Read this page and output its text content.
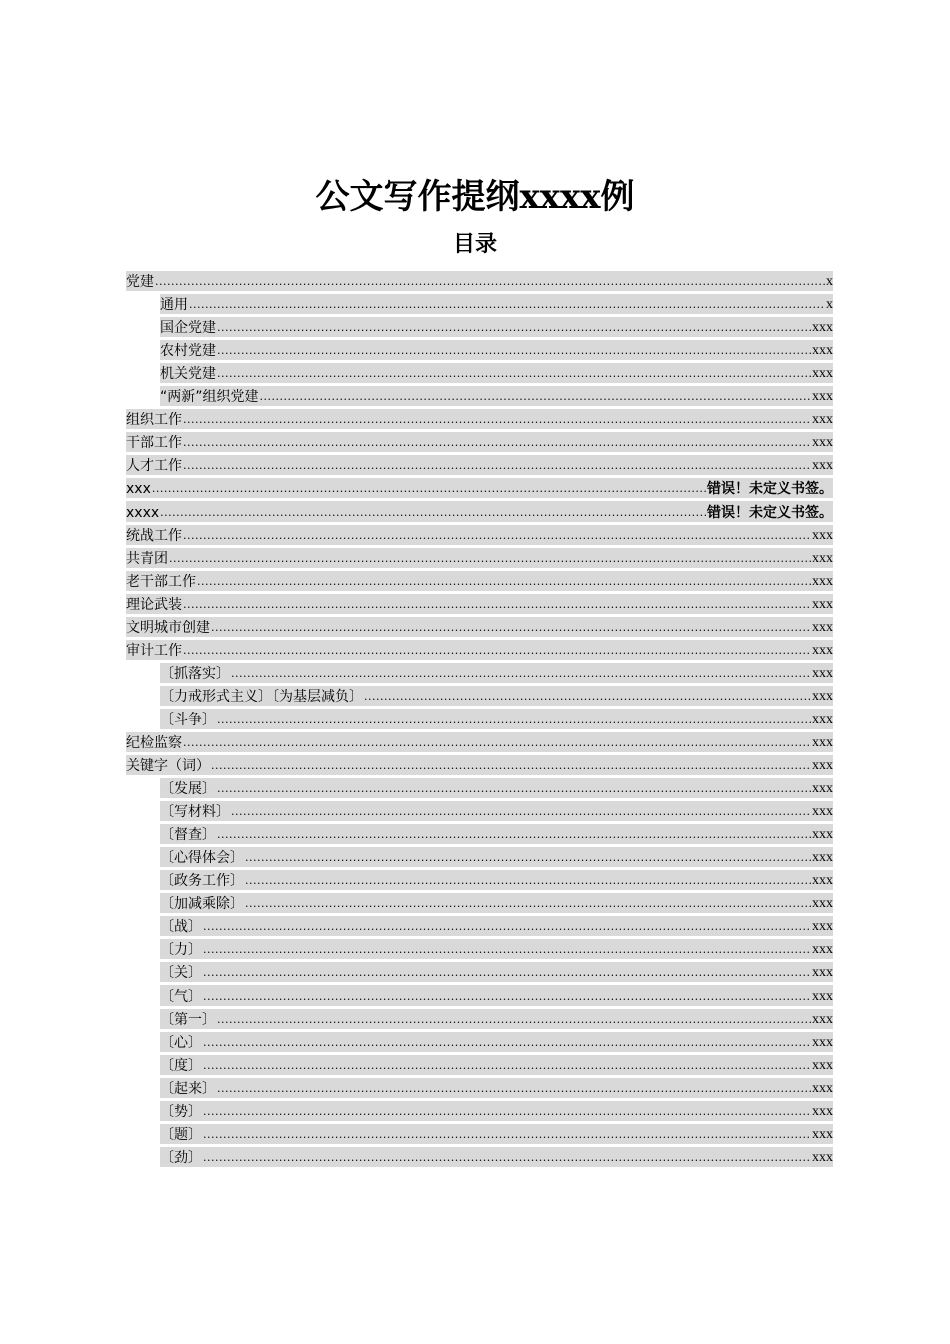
公文写作提纲xxxx例
目录
党建 .....	x
通用 .....	x
国企党建 .....	xxx
农村党建 .....	xxx
机关党建 .....	xxx
“两新”组织党建 .....	xxx
组织工作 .....	xxx
干部工作 .....	xxx
人才工作 .....	xxx
xxx .....	错误！未定义书签。
xxxx .....	错误！未定义书签。
统战工作 .....	xxx
共青团 .....	xxx
老干部工作 .....	xxx
理论武装 .....	xxx
文明城市创建 .....	xxx
审计工作 .....	xxx
〔抓落实〕 .....	xxx
〔力戒形式主义〕〔为基层减负〕 .....	xxx
〔斗争〕 .....	xxx
纪检监察 .....	xxx
关键字（词） .....	xxx
〔发展〕 .....	xxx
〔写材料〕 .....	xxx
〔督查〕 .....	xxx
〔心得体会〕 .....	xxx
〔政务工作〕 .....	xxx
〔加减乘除〕 .....	xxx
〔战〕 .....	xxx
〔力〕 .....	xxx
〔关〕 .....	xxx
〔气〕 .....	xxx
〔第一〕 .....	xxx
〔心〕 .....	xxx
〔度〕 .....	xxx
〔起来〕 .....	xxx
〔势〕 .....	xxx
〔题〕 .....	xxx
〔劲〕 .....	xxx
